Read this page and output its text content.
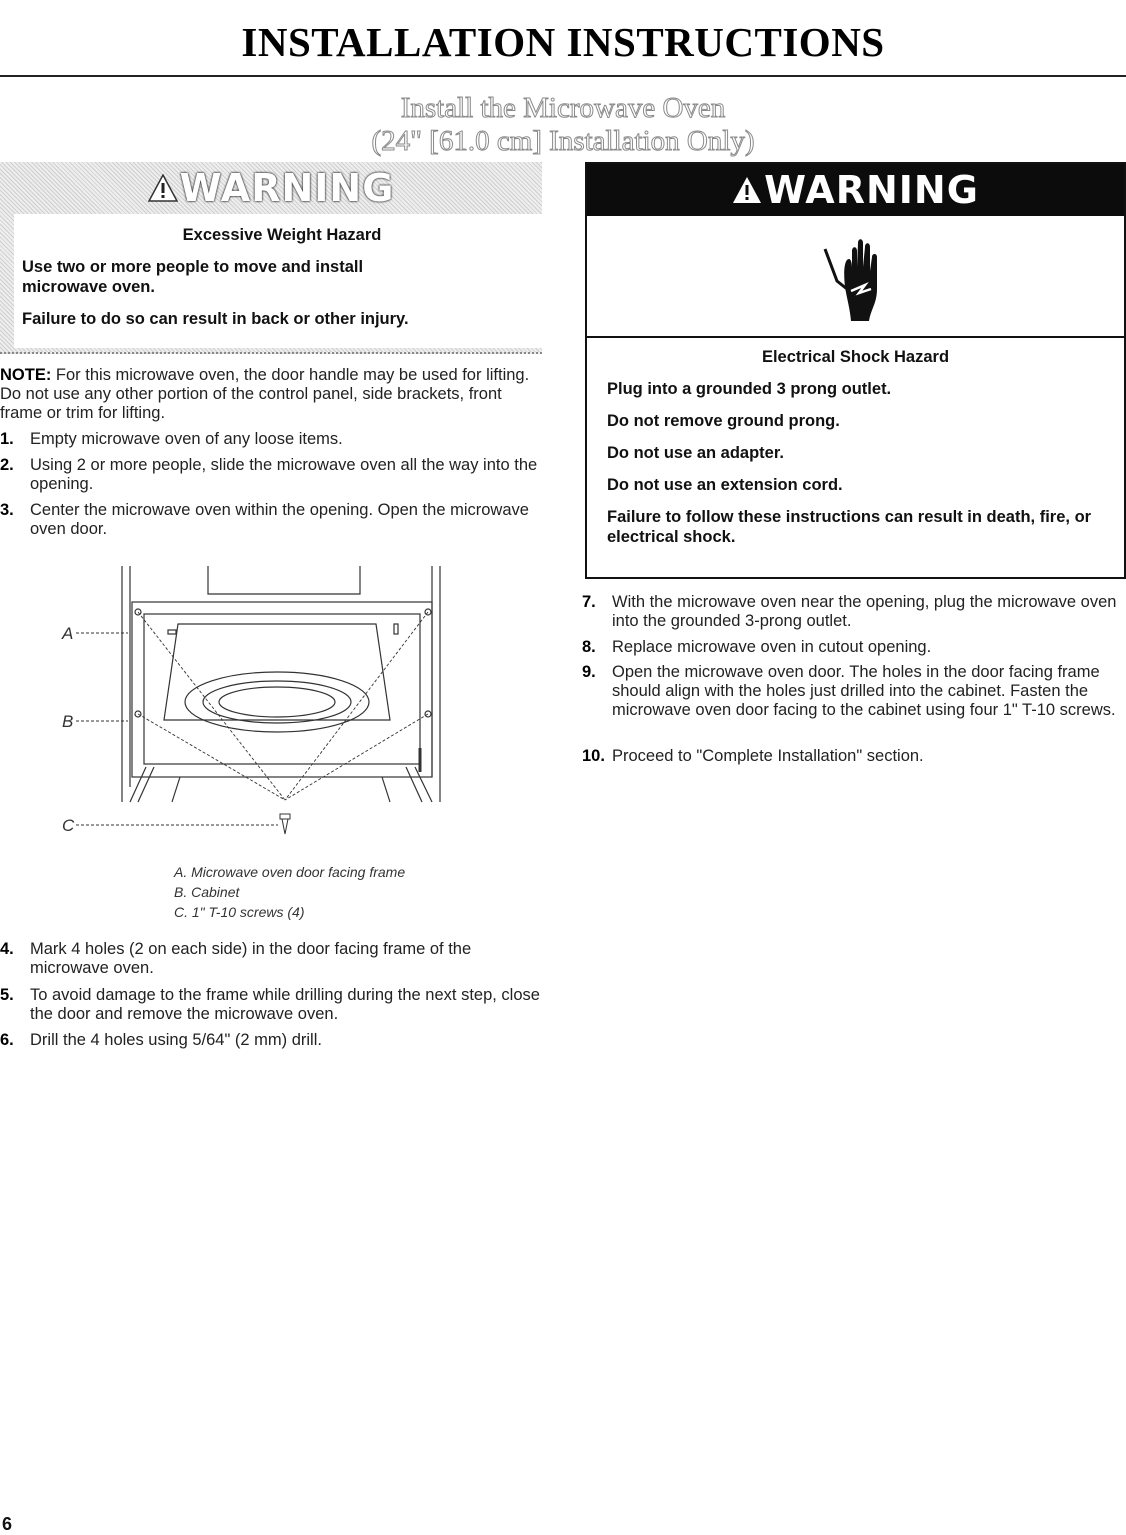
INSTALLATION INSTRUCTIONS
Install the Microwave Oven
(24" [61.0 cm] Installation Only)
WARNING

Excessive Weight Hazard

Use two or more people to move and install microwave oven.

Failure to do so can result in back or other injury.

NOTE: For this microwave oven, the door handle may be used for lifting. Do not use any other portion of the control panel, side brackets, front frame or trim for lifting.

1. Empty microwave oven of any loose items.
2. Using 2 or more people, slide the microwave oven all the way into the opening.
3. Center the microwave oven within the opening. Open the microwave oven door.
A
B
C
A. Microwave oven door facing frame
B. Cabinet
C. 1" T-10 screws (4)
4. Mark 4 holes (2 on each side) in the door facing frame of the microwave oven.
5. To avoid damage to the frame while drilling during the next step, close the door and remove the microwave oven.
6. Drill the 4 holes using 5/64" (2 mm) drill.
WARNING

Electrical Shock Hazard

Plug into a grounded 3 prong outlet.

Do not remove ground prong.

Do not use an adapter.

Do not use an extension cord.

Failure to follow these instructions can result in death, fire, or electrical shock.

7. With the microwave oven near the opening, plug the microwave oven into the grounded 3-prong outlet.
8. Replace microwave oven in cutout opening.
9. Open the microwave oven door. The holes in the door facing frame should align with the holes just drilled into the cabinet. Fasten the microwave oven door facing to the cabinet using four 1" T-10 screws.
10. Proceed to "Complete Installation" section.
6
